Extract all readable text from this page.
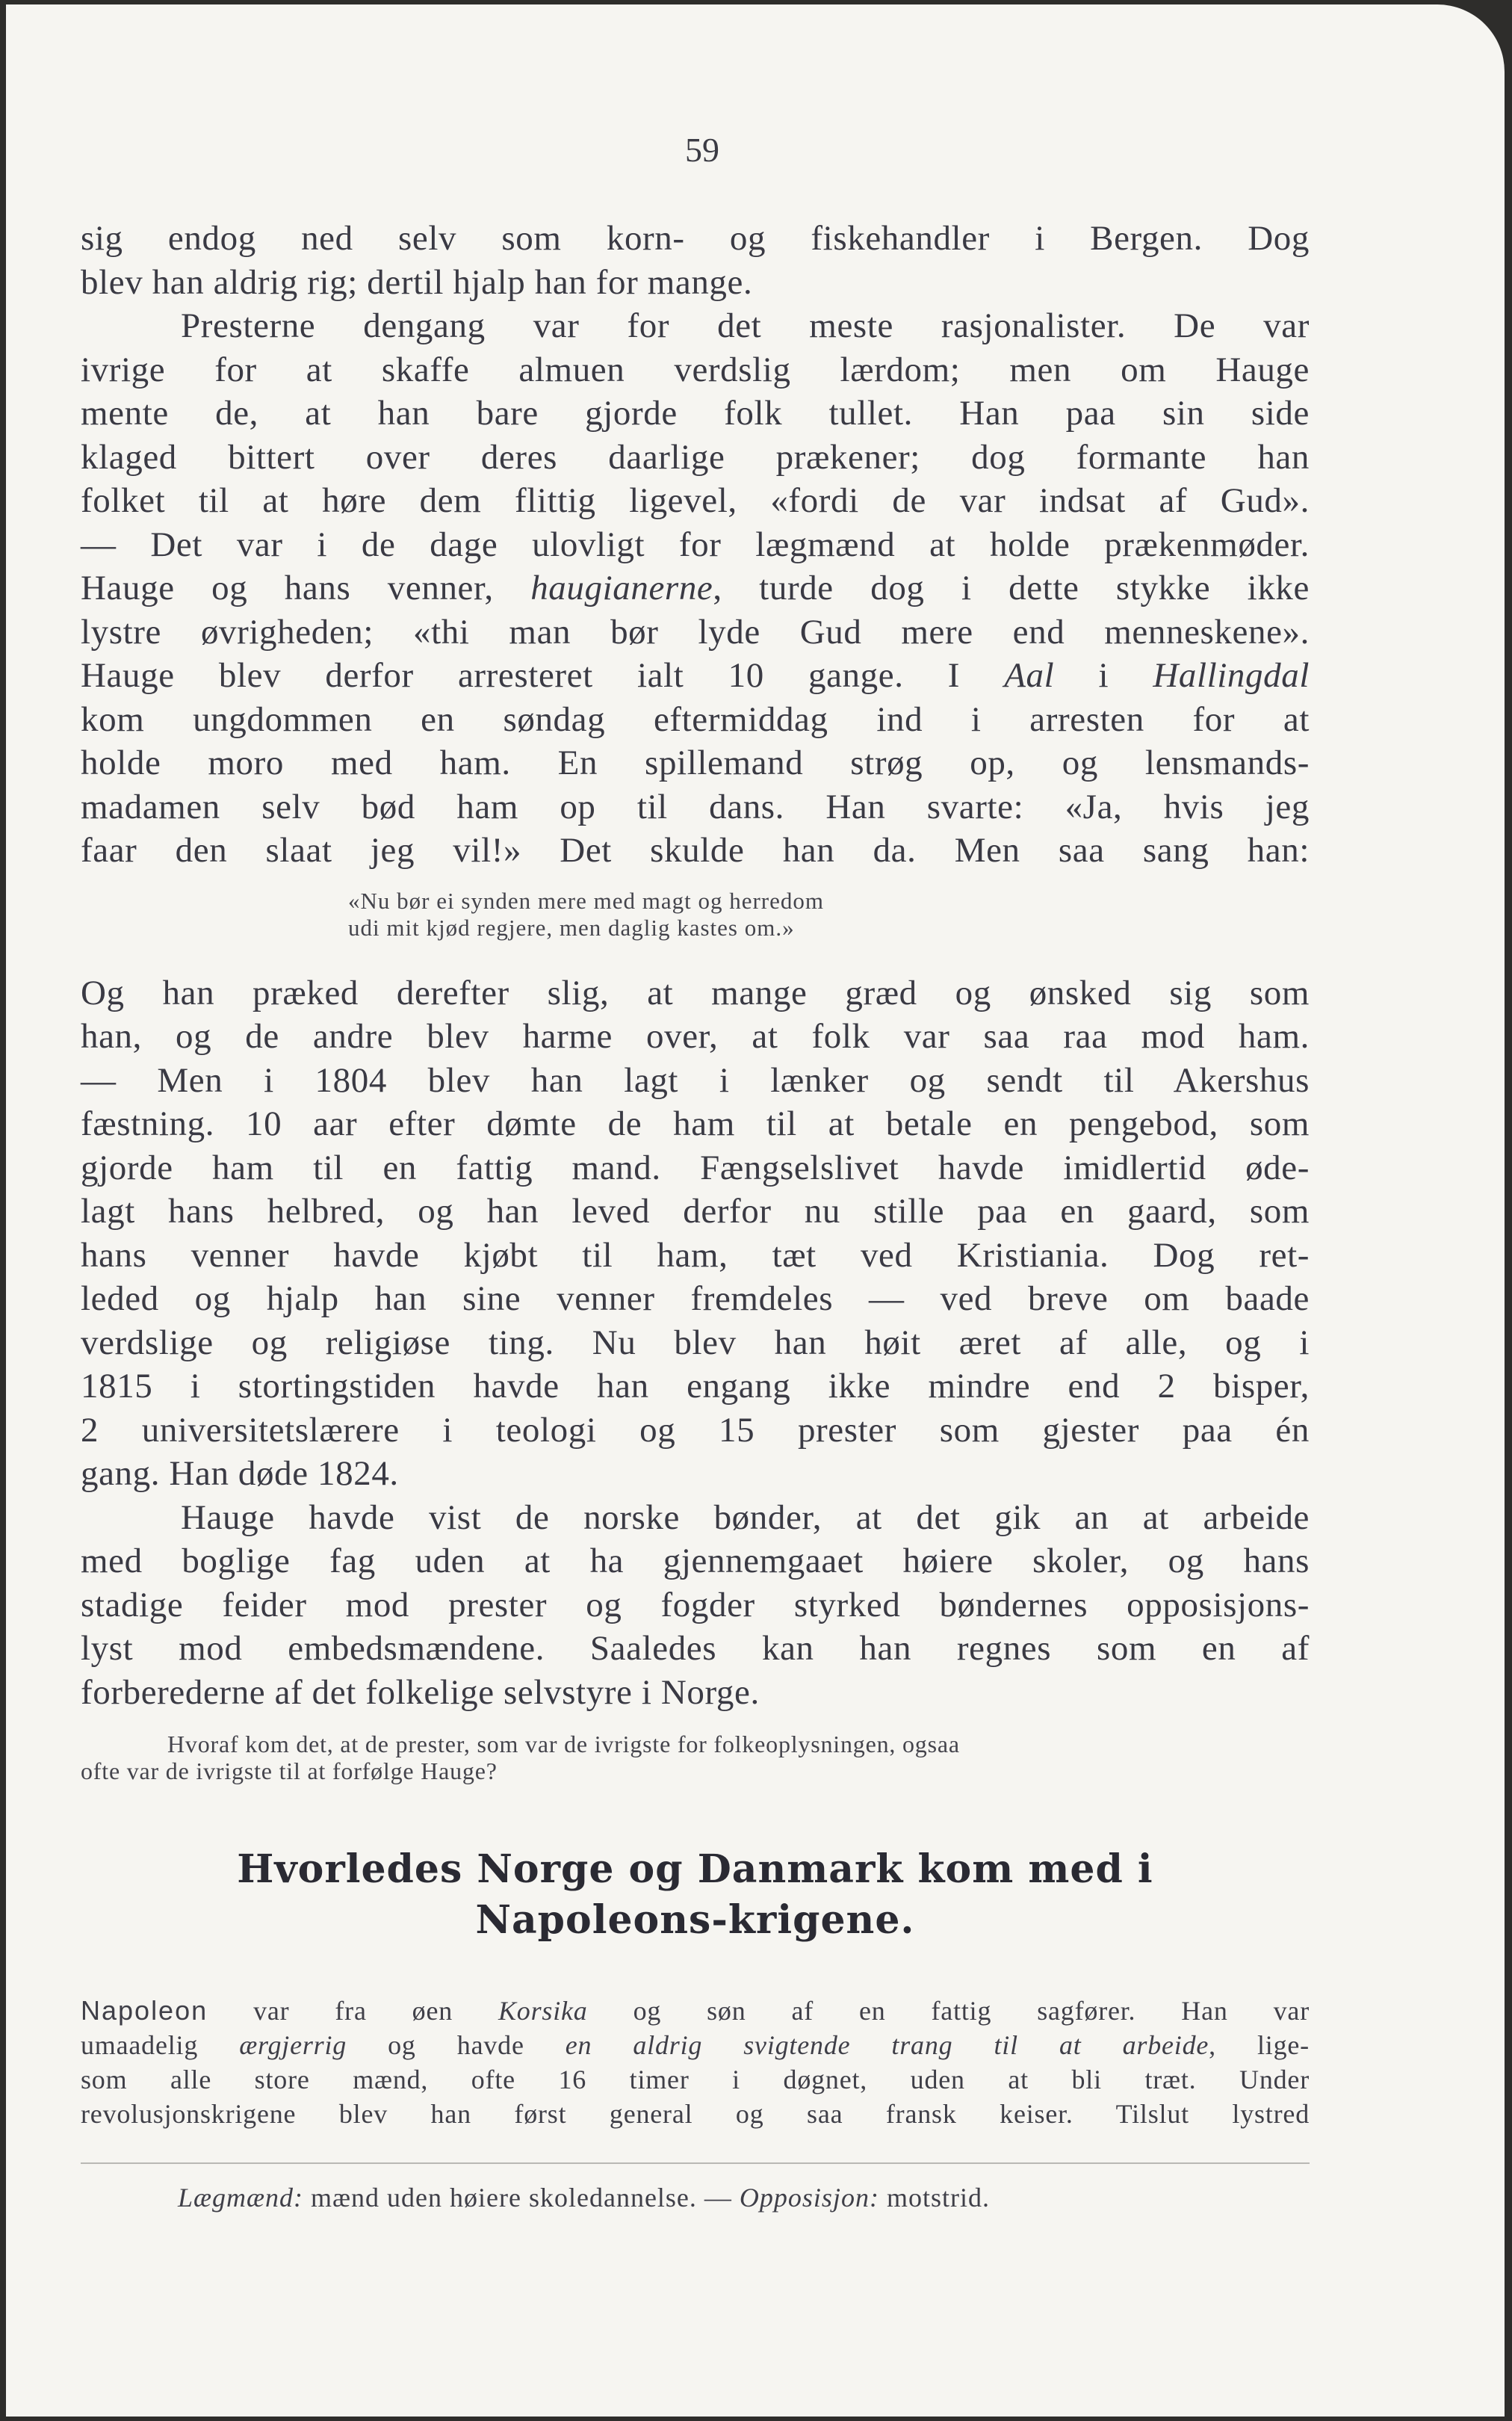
59
sig endog ned selv som korn- og fiskehandler i Bergen. Dog
blev han aldrig rig; dertil hjalp han for mange.
Presterne dengang var for det meste rasjonalister. De var
ivrige for at skaffe almuen verdslig lærdom; men om Hauge
mente de, at han bare gjorde folk tullet. Han paa sin side
klaged bittert over deres daarlige prækener; dog formante han
folket til at høre dem flittig ligevel, «fordi de var indsat af Gud».
— Det var i de dage ulovligt for lægmænd at holde prækenmøder.
Hauge og hans venner, haugianerne, turde dog i dette stykke ikke
lystre øvrigheden; «thi man bør lyde Gud mere end menneskene».
Hauge blev derfor arresteret ialt 10 gange. I Aal i Hallingdal
kom ungdommen en søndag eftermiddag ind i arresten for at
holde moro med ham. En spillemand strøg op, og lensmands-
madamen selv bød ham op til dans. Han svarte: «Ja, hvis jeg
faar den slaat jeg vil!» Det skulde han da. Men saa sang han:
«Nu bør ei synden mere med magt og herredom
udi mit kjød regjere, men daglig kastes om.»
Og han præked derefter slig, at mange græd og ønsked sig som
han, og de andre blev harme over, at folk var saa raa mod ham.
— Men i 1804 blev han lagt i lænker og sendt til Akershus
fæstning. 10 aar efter dømte de ham til at betale en pengebod, som
gjorde ham til en fattig mand. Fængselslivet havde imidlertid øde-
lagt hans helbred, og han leved derfor nu stille paa en gaard, som
hans venner havde kjøbt til ham, tæt ved Kristiania. Dog ret-
leded og hjalp han sine venner fremdeles — ved breve om baade
verdslige og religiøse ting. Nu blev han høit æret af alle, og i
1815 i stortingstiden havde han engang ikke mindre end 2 bisper,
2 universitetslærere i teologi og 15 prester som gjester paa én
gang. Han døde 1824.
Hauge havde vist de norske bønder, at det gik an at arbeide
med boglige fag uden at ha gjennemgaaet høiere skoler, og hans
stadige feider mod prester og fogder styrked bøndernes opposisjons-
lyst mod embedsmændene. Saaledes kan han regnes som en af
forberederne af det folkelige selvstyre i Norge.
Hvoraf kom det, at de prester, som var de ivrigste for folkeoplysningen, ogsaa
ofte var de ivrigste til at forfølge Hauge?
Hvorledes Norge og Danmark kom med i
Napoleons-krigene.
Napoleon var fra øen Korsika og søn af en fattig sagfører. Han var
umaadelig ærgjerrig og havde en aldrig svigtende trang til at arbeide, lige-
som alle store mænd, ofte 16 timer i døgnet, uden at bli træt. Under
revolusjonskrigene blev han først general og saa fransk keiser. Tilslut lystred
Lægmænd: mænd uden høiere skoledannelse. — Opposisjon: motstrid.
